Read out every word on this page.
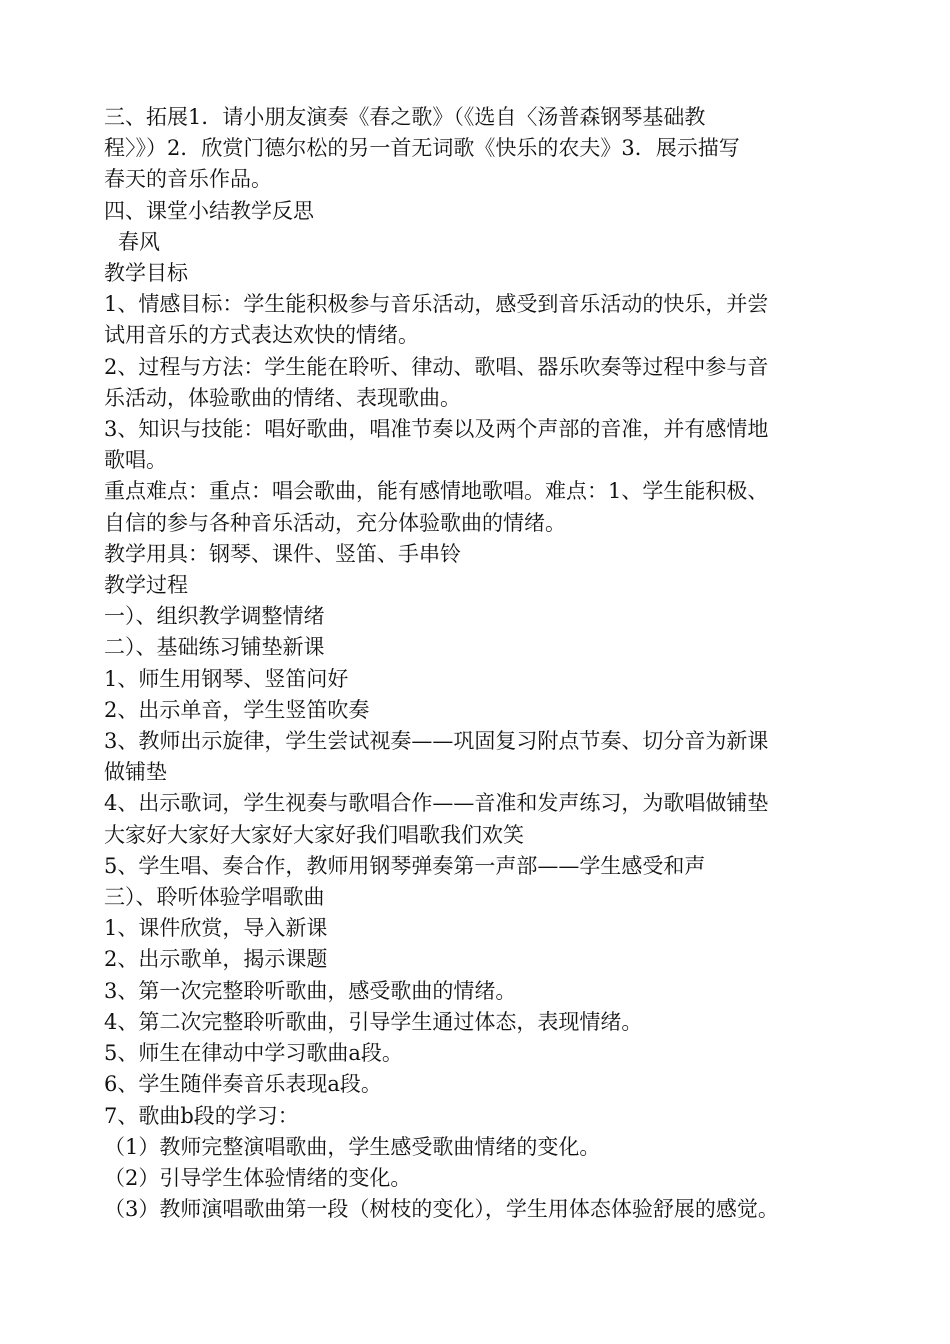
三、拓展1．请小朋友演奏《春之歌》（《选自〈汤普森钢琴基础教

程〉》）2．欣赏门德尔松的另一首无词歌《快乐的农夫》3．展示描写

春天的音乐作品。

四、课堂小结教学反思

春风

教学目标

1、情感目标：学生能积极参与音乐活动，感受到音乐活动的快乐，并尝

试用音乐的方式表达欢快的情绪。

2、过程与方法：学生能在聆听、律动、歌唱、器乐吹奏等过程中参与音

乐活动，体验歌曲的情绪、表现歌曲。

3、知识与技能：唱好歌曲，唱准节奏以及两个声部的音准，并有感情地

歌唱。

重点难点：重点：唱会歌曲，能有感情地歌唱。难点：1、学生能积极、

自信的参与各种音乐活动，充分体验歌曲的情绪。

教学用具：钢琴、课件、竖笛、手串铃

教学过程

一）、组织教学调整情绪

二）、基础练习铺垫新课

1、师生用钢琴、竖笛问好

2、出示单音，学生竖笛吹奏

3、教师出示旋律，学生尝试视奏——巩固复习附点节奏、切分音为新课

做铺垫

4、出示歌词，学生视奏与歌唱合作——音准和发声练习，为歌唱做铺垫

大家好大家好大家好大家好我们唱歌我们欢笑

5、学生唱、奏合作，教师用钢琴弹奏第一声部——学生感受和声

三）、聆听体验学唱歌曲

1、课件欣赏，导入新课

2、出示歌单，揭示课题

3、第一次完整聆听歌曲，感受歌曲的情绪。

4、第二次完整聆听歌曲，引导学生通过体态，表现情绪。

5、师生在律动中学习歌曲a段。

6、学生随伴奏音乐表现a段。

7、歌曲b段的学习：

（1）教师完整演唱歌曲，学生感受歌曲情绪的变化。

（2）引导学生体验情绪的变化。

（3）教师演唱歌曲第一段（树枝的变化），学生用体态体验舒展的感觉。
